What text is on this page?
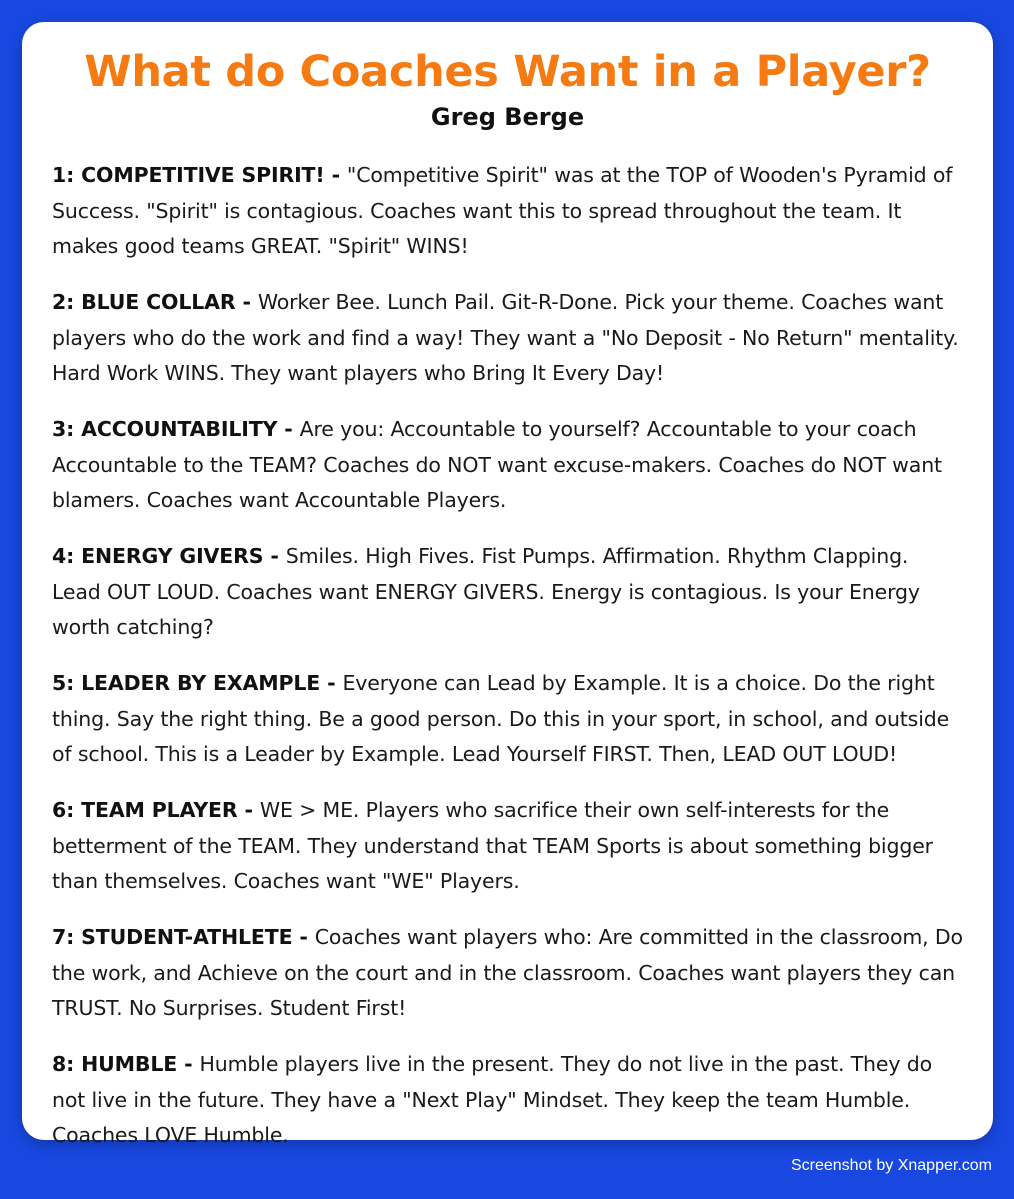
What do Coaches Want in a Player?
Greg Berge

1: COMPETITIVE SPIRIT! - "Competitive Spirit" was at the TOP of Wooden's Pyramid of Success. "Spirit" is contagious. Coaches want this to spread throughout the team. It makes good teams GREAT. "Spirit" WINS!

2: BLUE COLLAR - Worker Bee. Lunch Pail. Git-R-Done. Pick your theme. Coaches want players who do the work and find a way! They want a "No Deposit - No Return" mentality. Hard Work WINS. They want players who Bring It Every Day!

3: ACCOUNTABILITY - Are you: Accountable to yourself? Accountable to your coach Accountable to the TEAM? Coaches do NOT want excuse-makers. Coaches do NOT want blamers. Coaches want Accountable Players.

4: ENERGY GIVERS - Smiles. High Fives. Fist Pumps. Affirmation. Rhythm Clapping. Lead OUT LOUD. Coaches want ENERGY GIVERS. Energy is contagious. Is your Energy worth catching?

5: LEADER BY EXAMPLE - Everyone can Lead by Example. It is a choice. Do the right thing. Say the right thing. Be a good person. Do this in your sport, in school, and outside of school. This is a Leader by Example. Lead Yourself FIRST. Then, LEAD OUT LOUD!

6: TEAM PLAYER - WE > ME. Players who sacrifice their own self-interests for the betterment of the TEAM. They understand that TEAM Sports is about something bigger than themselves. Coaches want "WE" Players.

7: STUDENT-ATHLETE - Coaches want players who: Are committed in the classroom, Do the work, and Achieve on the court and in the classroom. Coaches want players they can TRUST. No Surprises. Student First!

8: HUMBLE - Humble players live in the present. They do not live in the past. They do not live in the future. They have a "Next Play" Mindset. They keep the team Humble. Coaches LOVE Humble.

Screenshot by Xnapper.com
